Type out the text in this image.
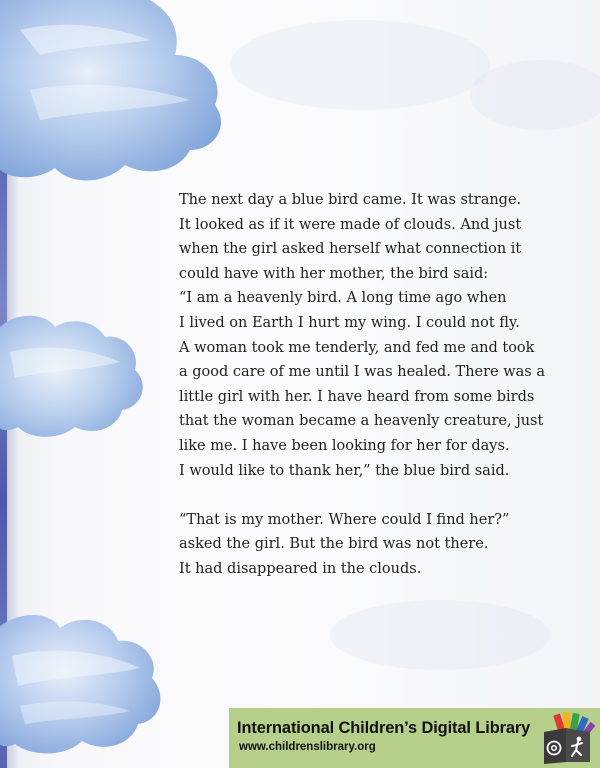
The next day a blue bird came. It was strange.
It looked as if it were made of clouds. And just
when the girl asked herself what connection it
could have with her mother, the bird said:
“I am a heavenly bird. A long time ago when
I lived on Earth I hurt my wing. I could not fly.
A woman took me tenderly, and fed me and took
a good care of me until I was healed. There was a
little girl with her. I have heard from some birds
that the woman became a heavenly creature, just
like me. I have been looking for her for days.
I would like to thank her,” the blue bird said.
“That is my mother. Where could I find her?”
asked the girl. But the bird was not there.
It had disappeared in the clouds.
International Children’s Digital Library
www.childrenslibrary.org
